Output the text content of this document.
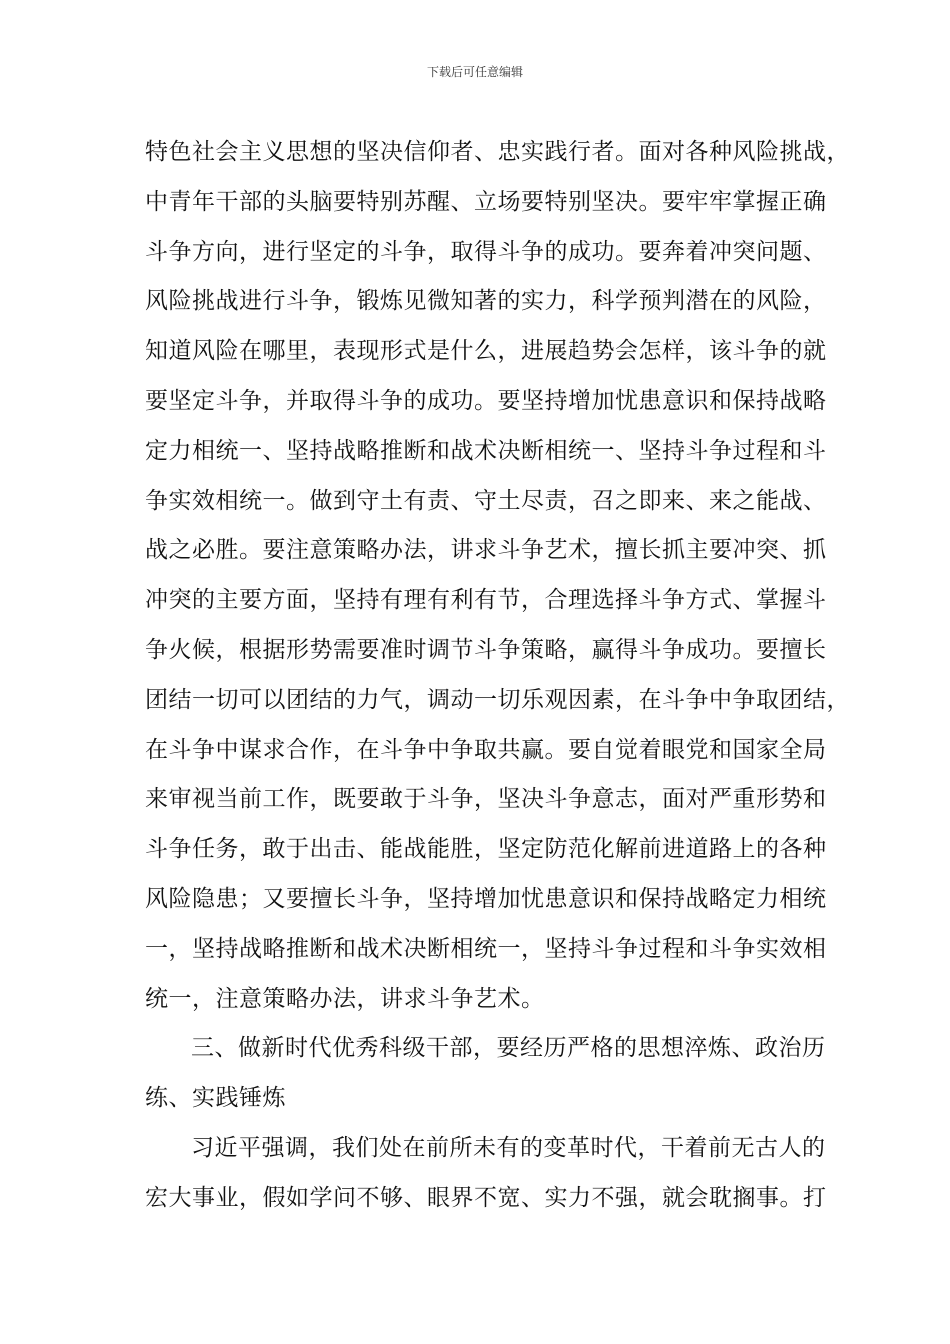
下载后可任意编辑
特色社会主义思想的坚决信仰者、忠实践行者。面对各种风险挑战，
中青年干部的头脑要特别苏醒、立场要特别坚决。要牢牢掌握正确
斗争方向，进行坚定的斗争，取得斗争的成功。要奔着冲突问题、
风险挑战进行斗争，锻炼见微知著的实力，科学预判潜在的风险，
知道风险在哪里，表现形式是什么，进展趋势会怎样，该斗争的就
要坚定斗争，并取得斗争的成功。要坚持增加忧患意识和保持战略
定力相统一、坚持战略推断和战术决断相统一、坚持斗争过程和斗
争实效相统一。做到守土有责、守土尽责，召之即来、来之能战、
战之必胜。要注意策略办法，讲求斗争艺术，擅长抓主要冲突、抓
冲突的主要方面，坚持有理有利有节，合理选择斗争方式、掌握斗
争火候，根据形势需要准时调节斗争策略，赢得斗争成功。要擅长
团结一切可以团结的力气，调动一切乐观因素，在斗争中争取团结，
在斗争中谋求合作，在斗争中争取共赢。要自觉着眼党和国家全局
来审视当前工作，既要敢于斗争，坚决斗争意志，面对严重形势和
斗争任务，敢于出击、能战能胜，坚定防范化解前进道路上的各种
风险隐患；又要擅长斗争，坚持增加忧患意识和保持战略定力相统
一，坚持战略推断和战术决断相统一，坚持斗争过程和斗争实效相
统一，注意策略办法，讲求斗争艺术。
三、做新时代优秀科级干部，要经历严格的思想淬炼、政治历
练、实践锤炼
习近平强调，我们处在前所未有的变革时代，干着前无古人的
宏大事业，假如学问不够、眼界不宽、实力不强，就会耽搁事。打
